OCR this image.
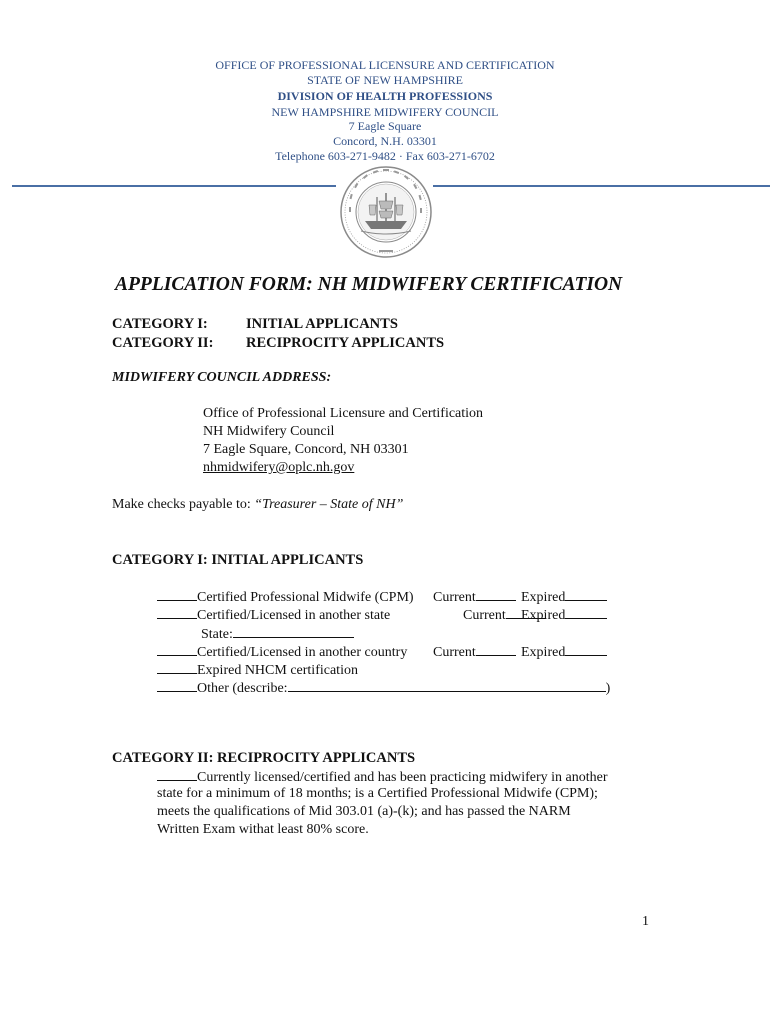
OFFICE OF PROFESSIONAL LICENSURE AND CERTIFICATION
STATE OF NEW HAMPSHIRE
DIVISION OF HEALTH PROFESSIONS
NEW HAMPSHIRE MIDWIFERY COUNCIL
7 Eagle Square
Concord, N.H. 03301
Telephone 603-271-9482 · Fax 603-271-6702
APPLICATION FORM: NH MIDWIFERY CERTIFICATION
CATEGORY I:	INITIAL APPLICANTS
CATEGORY II: RECIPROCITY APPLICANTS
MIDWIFERY COUNCIL ADDRESS:
Office of Professional Licensure and Certification
NH Midwifery Council
7 Eagle Square, Concord, NH 03301
nhmidwifery@oplc.nh.gov
Make checks payable to: “Treasurer – State of NH”
CATEGORY I: INITIAL APPLICANTS
Certified Professional Midwife (CPM) Current	Expired
Certified/Licensed in another state	Current	Expired
State:
Certified/Licensed in another country Current	Expired
Expired NHCM certification
Other (describe:	)
CATEGORY II: RECIPROCITY APPLICANTS
Currently licensed/certified and has been practicing midwifery in another
state for a minimum of 18 months; is a Certified Professional Midwife (CPM);
meets the qualifications of Mid 303.01 (a)-(k); and has passed the NARM
Written Exam withat least 80% score.
1
